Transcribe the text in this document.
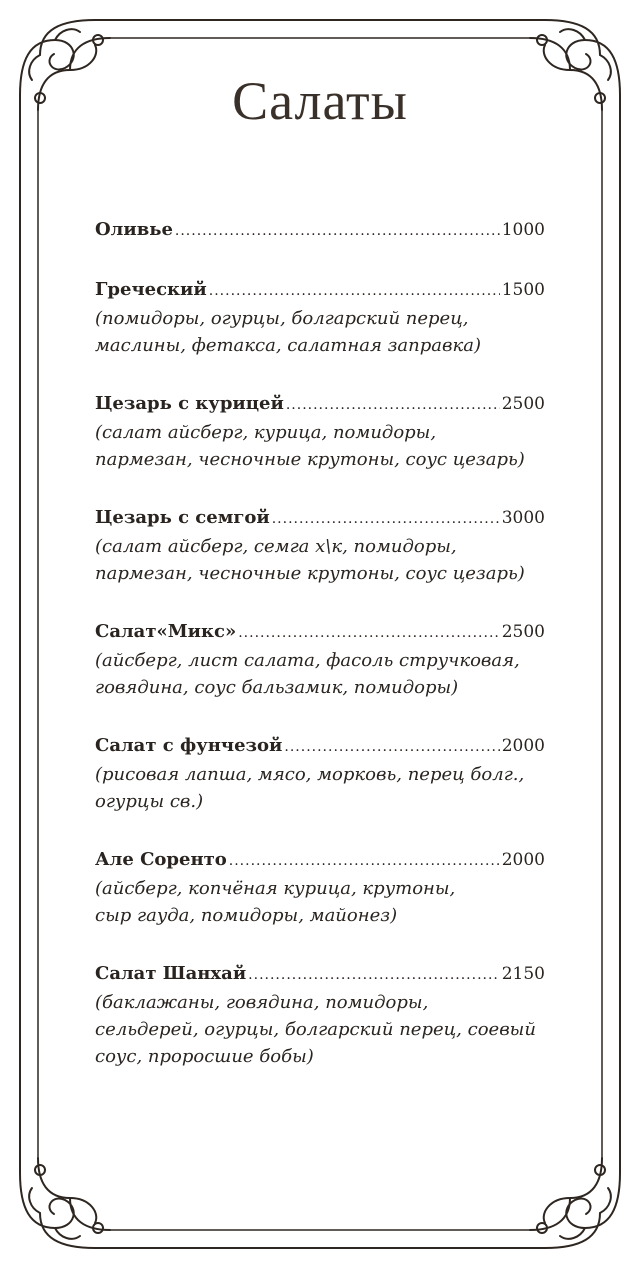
Салаты
Оливье .....	1000
Греческий .....	1500
(помидоры, огурцы, болгарский перец,
маслины, фетакса, салатная заправка)
Цезарь с курицей .....	2500
(салат айсберг, курица, помидоры,
пармезан, чесночные крутоны, соус цезарь)
Цезарь с семгой .....	3000
(салат айсберг, семга х\к, помидоры,
пармезан, чесночные крутоны, соус цезарь)
Салат«Микс» .....	2500
(айсберг, лист салата, фасоль стручковая,
говядина, соус бальзамик, помидоры)
Салат с фунчезой .....	2000
(рисовая лапша, мясо, морковь, перец болг.,
огурцы св.)
Але Соренто .....	2000
(айсберг, копчёная курица, крутоны,
сыр гауда, помидоры, майонез)
Салат Шанхай .....	2150
(баклажаны, говядина, помидоры,
сельдерей, огурцы, болгарский перец, соевый
соус, проросшие бобы)
